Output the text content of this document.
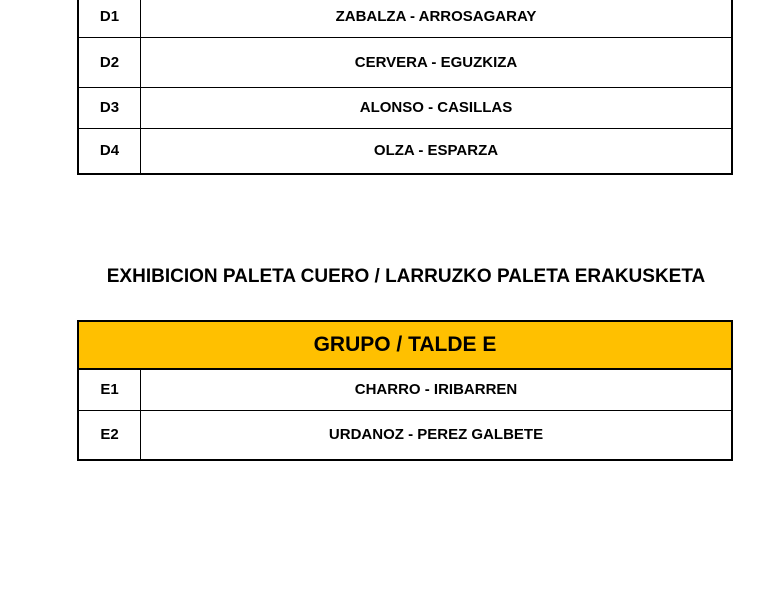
D1	ZABALZA - ARROSAGARAY
D2	CERVERA - EGUZKIZA
D3	ALONSO - CASILLAS
D4	OLZA - ESPARZA
EXHIBICION PALETA CUERO / LARRUZKO PALETA ERAKUSKETA
GRUPO / TALDE E	
E1	CHARRO - IRIBARREN
E2	URDANOZ - PEREZ GALBETE
